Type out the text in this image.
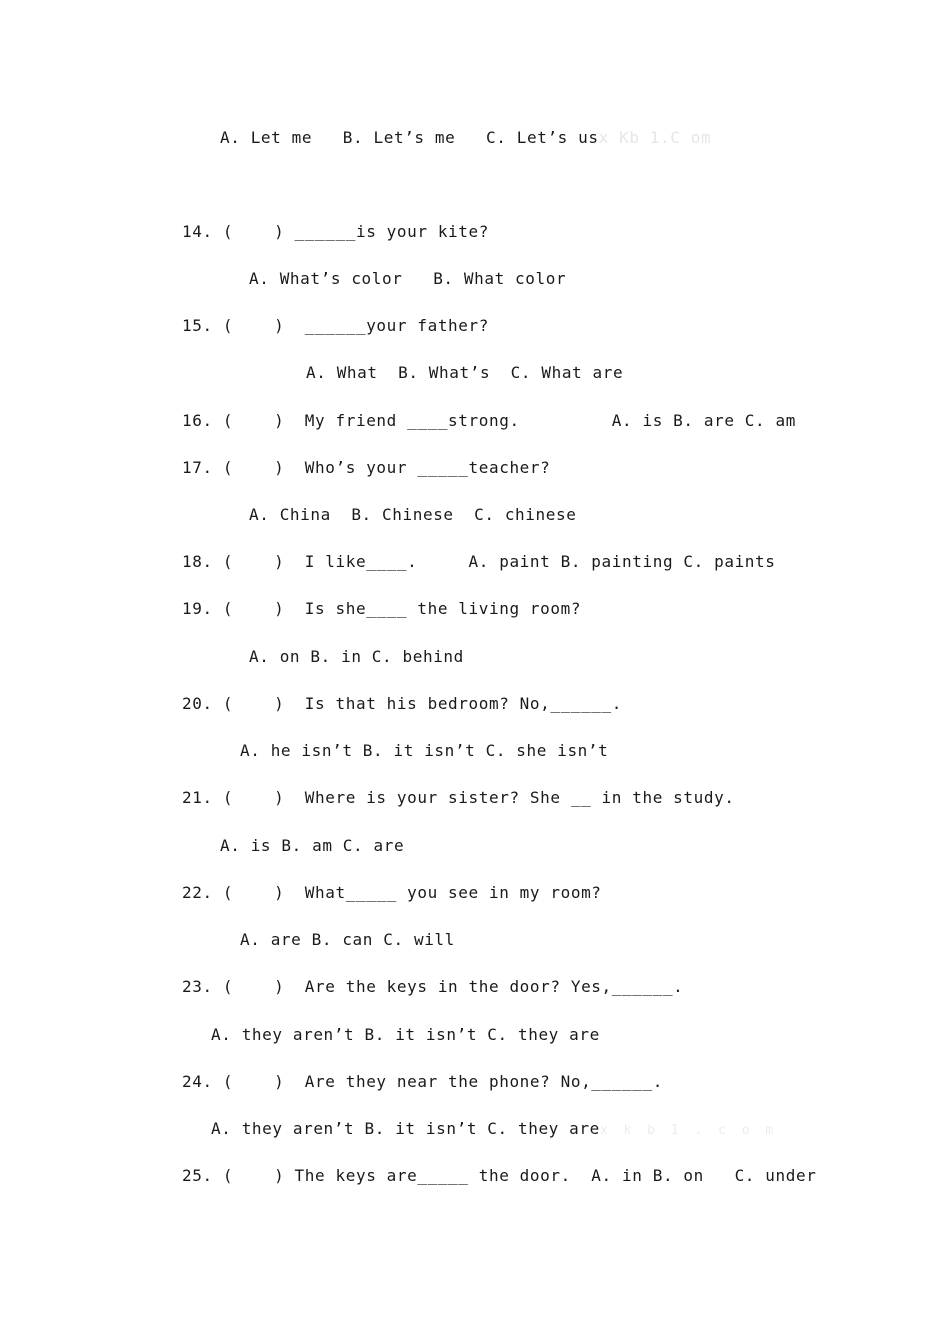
A. Let me   B. Let’s me   C. Let’s usx Kb 1.C om
14. (    ) ______is your kite?
A. What’s color   B. What color
15. (    )  ______your father?
A. What  B. What’s  C. What are
16. (    )  My friend ____strong.         A. is B. are C. am
17. (    )  Who’s your _____teacher?
A. China  B. Chinese  C. chinese
18. (    )  I like____.     A. paint B. painting C. paints
19. (    )  Is she____ the living room?
A. on B. in C. behind
20. (    )  Is that his bedroom? No,______.
A. he isn’t B. it isn’t C. she isn’t
21. (    )  Where is your sister? She __ in the study.
A. is B. am C. are
22. (    )  What_____ you see in my room?
A. are B. can C. will
23. (    )  Are the keys in the door? Yes,______.
A. they aren’t B. it isn’t C. they are
24. (    )  Are they near the phone? No,______.
A. they aren’t B. it isn’t C. they arex k b 1 . c o m
25. (    ) The keys are_____ the door.  A. in B. on   C. under
